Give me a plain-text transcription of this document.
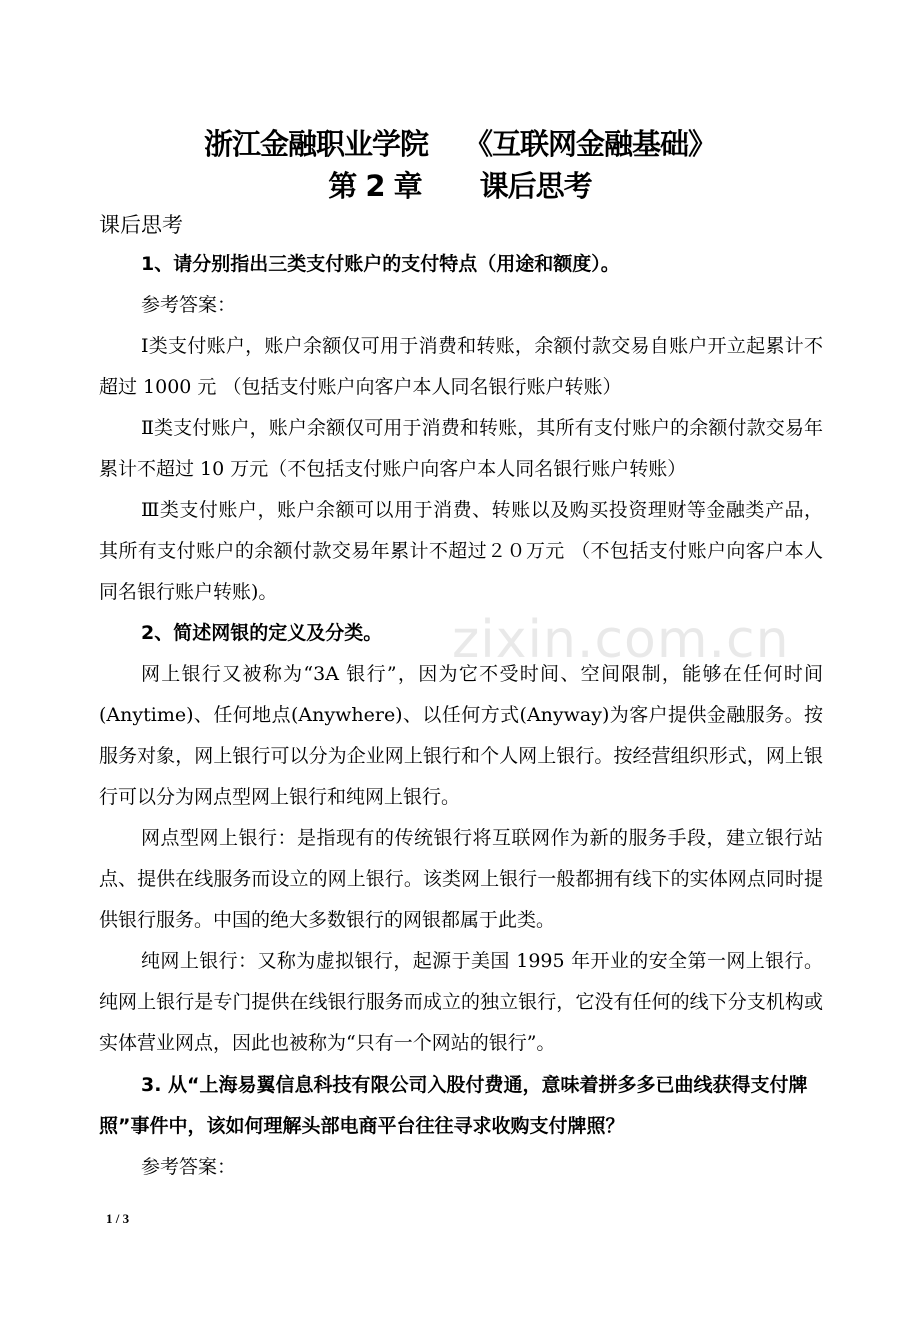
zixin.com.cn
浙江金融职业学院 《互联网金融基础》
第 2 章 课后思考
课后思考

1、请分别指出三类支付账户的支付特点（用途和额度）。

参考答案：

Ⅰ类支付账户，账户余额仅可用于消费和转账，余额付款交易自账户开立起累计不超过 1000 元 （包括支付账户向客户本人同名银行账户转账）

Ⅱ类支付账户，账户余额仅可用于消费和转账，其所有支付账户的余额付款交易年累计不超过 10 万元（不包括支付账户向客户本人同名银行账户转账）

Ⅲ类支付账户，账户余额可以用于消费、转账以及购买投资理财等金融类产品， 其所有支付账户的余额付款交易年累计不超过２０万元 （不包括支付账户向客户本人同名银行账户转账)。

2、简述网银的定义及分类。

网上银行又被称为“3A 银行”，因为它不受时间、空间限制，能够在任何时间(Anytime)、任何地点(Anywhere)、以任何方式(Anyway)为客户提供金融服务。按服务对象，网上银行可以分为企业网上银行和个人网上银行。按经营组织形式，网上银行可以分为网点型网上银行和纯网上银行。

网点型网上银行：是指现有的传统银行将互联网作为新的服务手段，建立银行站点、提供在线服务而设立的网上银行。该类网上银行一般都拥有线下的实体网点同时提供银行服务。中国的绝大多数银行的网银都属于此类。

纯网上银行：又称为虚拟银行，起源于美国 1995 年开业的安全第一网上银行。纯网上银行是专门提供在线银行服务而成立的独立银行，它没有任何的线下分支机构或实体营业网点，因此也被称为“只有一个网站的银行”。

3. 从“上海易翼信息科技有限公司入股付费通，意味着拼多多已曲线获得支付牌照”事件中，该如何理解头部电商平台往往寻求收购支付牌照？

参考答案：

1 / 3
